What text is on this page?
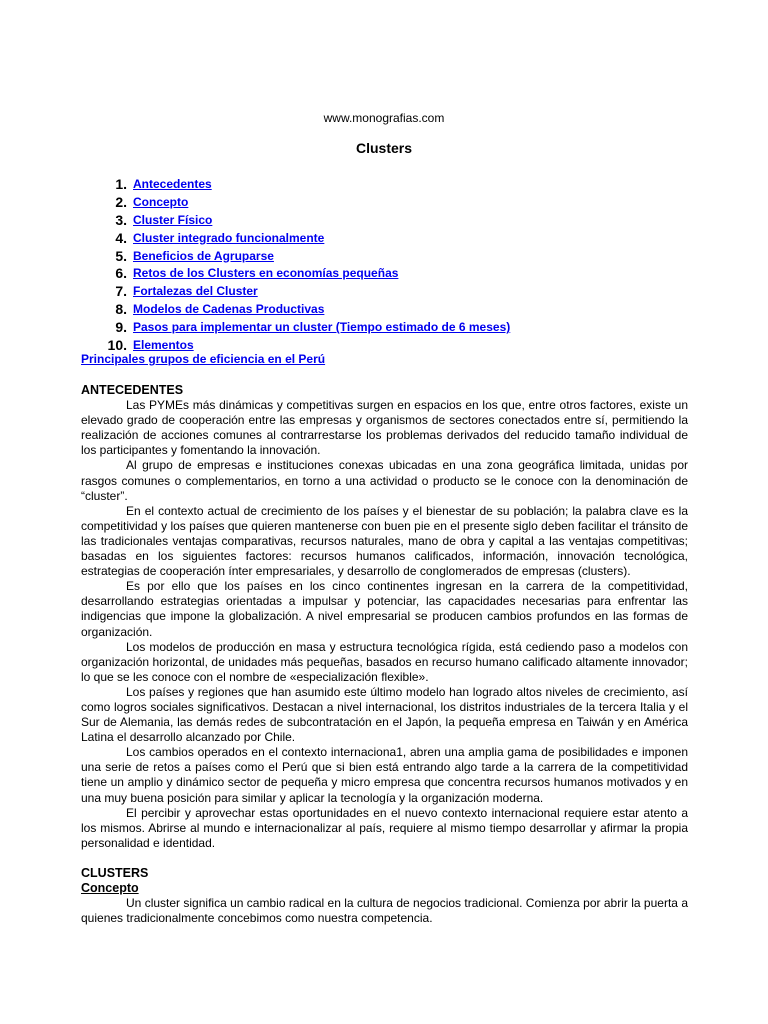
www.monografias.com
Clusters
1. Antecedentes
2. Concepto
3. Cluster Físico
4. Cluster integrado funcionalmente
5. Beneficios de Agruparse
6. Retos de los Clusters en economías pequeñas
7. Fortalezas del Cluster
8. Modelos de Cadenas Productivas
9. Pasos para implementar un cluster (Tiempo estimado de 6 meses)
10. Elementos
Principales grupos de eficiencia en el Perú
ANTECEDENTES

Las PYMEs más dinámicas y competitivas surgen en espacios en los que, entre otros factores, existe un elevado grado de cooperación entre las empresas y organismos de sectores conectados entre sí, permitiendo la realización de acciones comunes al contrarrestarse los problemas derivados del reducido tamaño individual de los participantes y fomentando la innovación.

Al grupo de empresas e instituciones conexas ubicadas en una zona geográfica limitada, unidas por rasgos comunes o complementarios, en torno a una actividad o producto se le conoce con la denominación de “cluster”.

En el contexto actual de crecimiento de los países y el bienestar de su población; la palabra clave es la competitividad y los países que quieren mantenerse con buen pie en el presente siglo deben facilitar el tránsito de las tradicionales ventajas comparativas, recursos naturales, mano de obra y capital a las ventajas competitivas; basadas en los siguientes factores: recursos humanos calificados, información, innovación tecnológica, estrategias de cooperación ínter empresariales, y desarrollo de conglomerados de empresas (clusters).

Es por ello que los países en los cinco continentes ingresan en la carrera de la competitividad, desarrollando estrategias orientadas a impulsar y potenciar, las capacidades necesarias para enfrentar las indigencias que impone la globalización. A nivel empresarial se producen cambios profundos en las formas de organización.

Los modelos de producción en masa y estructura tecnológica rígida, está cediendo paso a modelos con organización horizontal, de unidades más pequeñas, basados en recurso humano calificado altamente innovador; lo que se les conoce con el nombre de «especialización flexible».

Los países y regiones que han asumido este último modelo han logrado altos niveles de crecimiento, así como logros sociales significativos. Destacan a nivel internacional, los distritos industriales de la tercera Italia y el Sur de Alemania, las demás redes de subcontratación en el Japón, la pequeña empresa en Taiwán y en América Latina el desarrollo alcanzado por Chile.

Los cambios operados en el contexto internaciona1, abren una amplia gama de posibilidades e imponen una serie de retos a países como el Perú que si bien está entrando algo tarde a la carrera de la competitividad tiene un amplio y dinámico sector de pequeña y micro empresa que concentra recursos humanos motivados y en una muy buena posición para similar y aplicar la tecnología y la organización moderna.

El percibir y aprovechar estas oportunidades en el nuevo contexto internacional requiere estar atento a los mismos. Abrirse al mundo e internacionalizar al país, requiere al mismo tiempo desarrollar y afirmar la propia personalidad e identidad.

CLUSTERS
Concepto

Un cluster significa un cambio radical en la cultura de negocios tradicional. Comienza por abrir la puerta a quienes tradicionalmente concebimos como nuestra competencia.
